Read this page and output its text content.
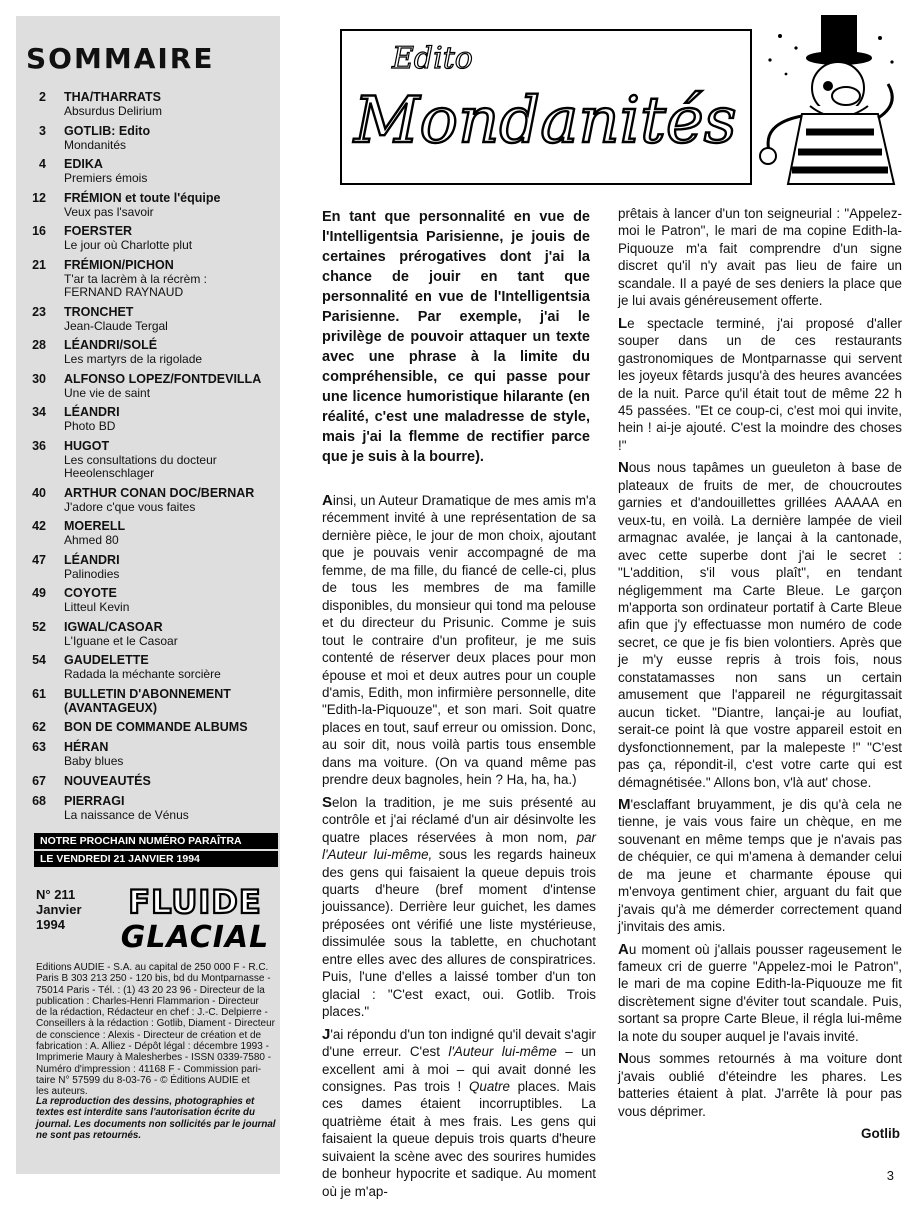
SOMMAIRE
2 THA/THARRATS
Absurdus Delirium
3 GOTLIB: Edito
Mondanités
4 EDIKA
Premiers émois
12 FRÉMION et toute l'équipe
Veux pas l'savoir
16 FOERSTER
Le jour où Charlotte plut
21 FRÉMION/PICHON
T'ar ta lacrèm à la récrèm :
FERNAND RAYNAUD
23 TRONCHET
Jean-Claude Tergal
28 LÉANDRI/SOLÉ
Les martyrs de la rigolade
30 ALFONSO LOPEZ/FONTDEVILLA
Une vie de saint
34 LÉANDRI
Photo BD
36 HUGOT
Les consultations du docteur
Heeolenschlager
40 ARTHUR CONAN DOC/BERNAR
J'adore c'que vous faites
42 MOERELL
Ahmed 80
47 LÉANDRI
Palinodies
49 COYOTE
Litteul Kevin
52 IGWAL/CASOAR
L'Iguane et le Casoar
54 GAUDELETTE
Radada la méchante sorcière
61 BULLETIN D'ABONNEMENT
(AVANTAGEUX)
62 BON DE COMMANDE ALBUMS
63 HÉRAN
Baby blues
67 NOUVEAUTÉS
68 PIERRAGI
La naissance de Vénus
NOTRE PROCHAIN NUMÉRO PARAÎTRA
LE VENDREDI 21 JANVIER 1994
N° 211
Janvier
1994
FLUIDE
GLACIAL
Editions AUDIE - S.A. au capital de 250 000 F - R.C.
Paris B 303 213 250 - 120 bis, bd du Montparnasse -
75014 Paris - Tél. : (1) 43 20 23 96 - Directeur de la
publication : Charles-Henri Flammarion - Directeur
de la rédaction, Rédacteur en chef : J.-C. Delpierre -
Conseillers à la rédaction : Gotlib, Diament - Directeur
de conscience : Alexis - Directeur de création et de
fabrication : A. Alliez - Dépôt légal : décembre 1993 -
Imprimerie Maury à Malesherbes - ISSN 0339-7580 -
Numéro d'impression : 41168 F - Commission pari-
taire N° 57599 du 8-03-76 - © Éditions AUDIE et
les auteurs.
La reproduction des dessins, photographies et
textes est interdite sans l'autorisation écrite du
journal. Les documents non sollicités par le journal
ne sont pas retournés.
Edito
Mondanités
En tant que personnalité en vue de l'Intelligentsia Parisienne, je jouis de certaines prérogatives dont j'ai la chance de jouir en tant que personnalité en vue de l'Intelligentsia Parisienne. Par exemple, j'ai le privilège de pouvoir attaquer un texte avec une phrase à la limite du compréhensible, ce qui passe pour une licence humoristique hilarante (en réalité, c'est une maladresse de style, mais j'ai la flemme de rectifier parce que je suis à la bourre).

Ainsi, un Auteur Dramatique de mes amis m'a récemment invité à une représentation de sa dernière pièce, le jour de mon choix, ajoutant que je pouvais venir accompagné de ma femme, de ma fille, du fiancé de celle-ci, plus de tous les membres de ma famille disponibles, du monsieur qui tond ma pelouse et du directeur du Prisunic. Comme je suis tout le contraire d'un profiteur, je me suis contenté de réserver deux places pour mon épouse et moi et deux autres pour un couple d'amis, Edith, mon infirmière personnelle, dite "Edith-la-Piquouze", et son mari. Soit quatre places en tout, sauf erreur ou omission. Donc, au soir dit, nous voilà partis tous ensemble dans ma voiture. (On va quand même pas prendre deux bagnoles, hein ? Ha, ha, ha.)

Selon la tradition, je me suis présenté au contrôle et j'ai réclamé d'un air désinvolte les quatre places réservées à mon nom, par l'Auteur lui-même, sous les regards haineux des gens qui faisaient la queue depuis trois quarts d'heure (bref moment d'intense jouissance). Derrière leur guichet, les dames préposées ont vérifié une liste mystérieuse, dissimulée sous la tablette, en chuchotant entre elles avec des allures de conspiratrices. Puis, l'une d'elles a laissé tomber d'un ton glacial : "C'est exact, oui. Gotlib. Trois places."

J'ai répondu d'un ton indigné qu'il devait s'agir d'une erreur. C'est l'Auteur lui-même – un excellent ami à moi – qui avait donné les consignes. Pas trois ! Quatre places. Mais ces dames étaient incorruptibles. La quatrième était à mes frais. Les gens qui faisaient la queue depuis trois quarts d'heure suivaient la scène avec des sourires humides de bonheur hypocrite et sadique. Au moment où je m'ap-

prêtais à lancer d'un ton seigneurial : "Appelez-moi le Patron", le mari de ma copine Edith-la-Piquouze m'a fait comprendre d'un signe discret qu'il n'y avait pas lieu de faire un scandale. Il a payé de ses deniers la place que je lui avais généreusement offerte.

Le spectacle terminé, j'ai proposé d'aller souper dans un de ces restaurants gastronomiques de Montparnasse qui servent les joyeux fêtards jusqu'à des heures avancées de la nuit. Parce qu'il était tout de même 22 h 45 passées. "Et ce coup-ci, c'est moi qui invite, hein ! ai-je ajouté. C'est la moindre des choses !"

Nous nous tapâmes un gueuleton à base de plateaux de fruits de mer, de choucroutes garnies et d'andouillettes grillées AAAAA en veux-tu, en voilà. La dernière lampée de vieil armagnac avalée, je lançai à la cantonade, avec cette superbe dont j'ai le secret : "L'addition, s'il vous plaît", en tendant négligemment ma Carte Bleue. Le garçon m'apporta son ordinateur portatif à Carte Bleue afin que j'y effectuasse mon numéro de code secret, ce que je fis bien volontiers. Après que je m'y eusse repris à trois fois, nous constatamasses non sans un certain amusement que l'appareil ne régurgitassait aucun ticket. "Diantre, lançai-je au loufiat, serait-ce point là que vostre appareil estoit en dysfonctionnement, par la malepeste !" "C'est pas ça, répondit-il, c'est votre carte qui est démagnétisée." Allons bon, v'là aut' chose.

M'esclaffant bruyamment, je dis qu'à cela ne tienne, je vais vous faire un chèque, en me souvenant en même temps que je n'avais pas de chéquier, ce qui m'amena à demander celui de ma jeune et charmante épouse qui m'envoya gentiment chier, arguant du fait que j'avais qu'à me démerder correctement quand j'invitais des amis.

Au moment où j'allais pousser rageusement le fameux cri de guerre "Appelez-moi le Patron", le mari de ma copine Edith-la-Piquouze me fit discrètement signe d'éviter tout scandale. Puis, sortant sa propre Carte Bleue, il régla lui-même la note du souper auquel je l'avais invité.

Nous sommes retournés à ma voiture dont j'avais oublié d'éteindre les phares. Les batteries étaient à plat. J'arrête là pour pas vous déprimer.

Gotlib
3
